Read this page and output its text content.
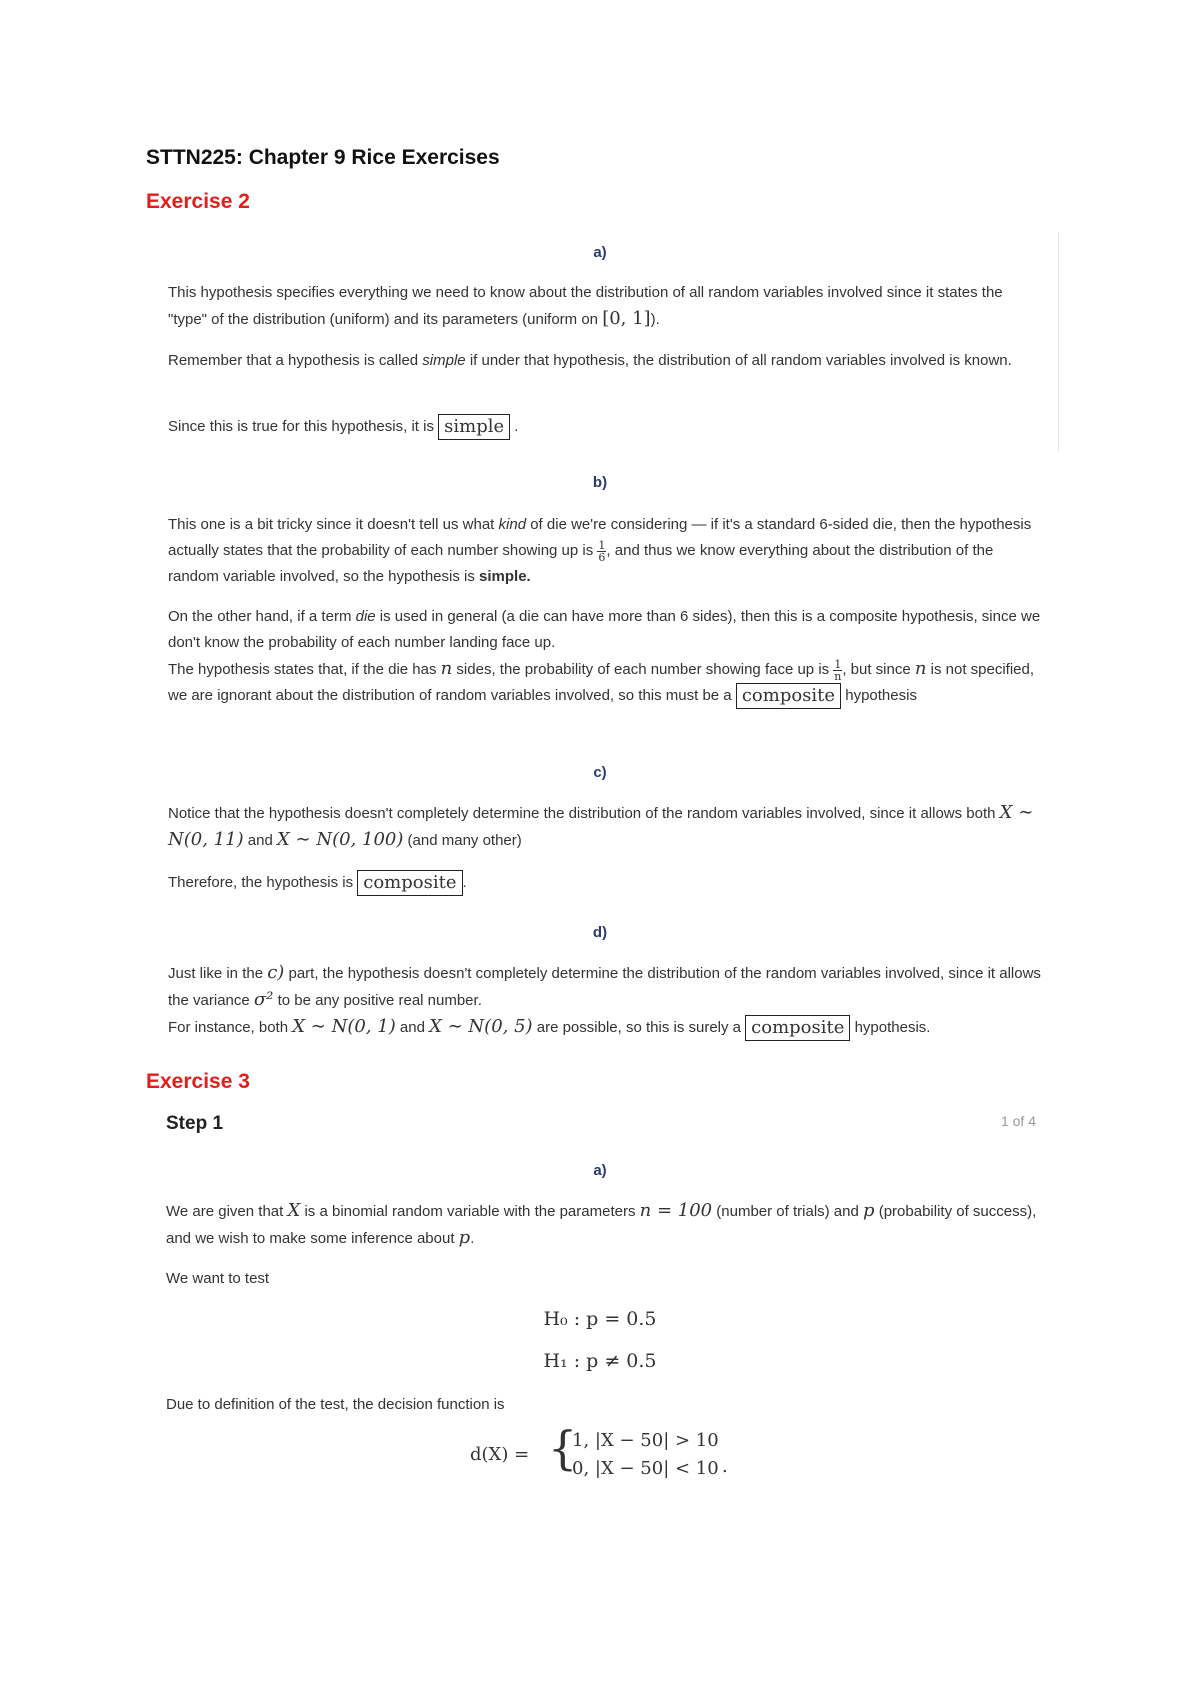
STTN225: Chapter 9 Rice Exercises
Exercise 2
a)
This hypothesis specifies everything we need to know about the distribution of all random variables involved since it states the "type" of the distribution (uniform) and its parameters (uniform on [0, 1]).
Remember that a hypothesis is called simple if under that hypothesis, the distribution of all random variables involved is known.
Since this is true for this hypothesis, it is simple .
b)
This one is a bit tricky since it doesn't tell us what kind of die we're considering — if it's a standard 6-sided die, then the hypothesis actually states that the probability of each number showing up is $\frac{1}{6}$ , and thus we know everything about the distribution of the random variable involved, so the hypothesis is simple.
On the other hand, if a term die is used in general (a die can have more than 6 sides), then this is a composite hypothesis, since we don't know the probability of each number landing face up.
The hypothesis states that, if the die has n sides, the probability of each number showing face up is $\frac{1}{n}$ , but since n is not specified, we are ignorant about the distribution of random variables involved, so this must be a composite hypothesis
c)
Notice that the hypothesis doesn't completely determine the distribution of the random variables involved, since it allows both X ∼ N(0, 11) and X ∼ N(0, 100) (and many other)
Therefore, the hypothesis is composite .
d)
Just like in the c) part, the hypothesis doesn't completely determine the distribution of the random variables involved, since it allows the variance σ² to be any positive real number.
For instance, both X ∼ N(0, 1) and X ∼ N(0, 5) are possible, so this is surely a composite hypothesis.
Exercise 3
Step 1	1 of 4
a)
We are given that X is a binomial random variable with the parameters n = 100 (number of trials) and p (probability of success), and we wish to make some inference about p.
We want to test
H₀ : p = 0.5
H₁ : p ≠ 0.5
Due to definition of the test, the decision function is
d(X) = {
1, |X − 50| > 10
0, |X − 50| < 10 .
